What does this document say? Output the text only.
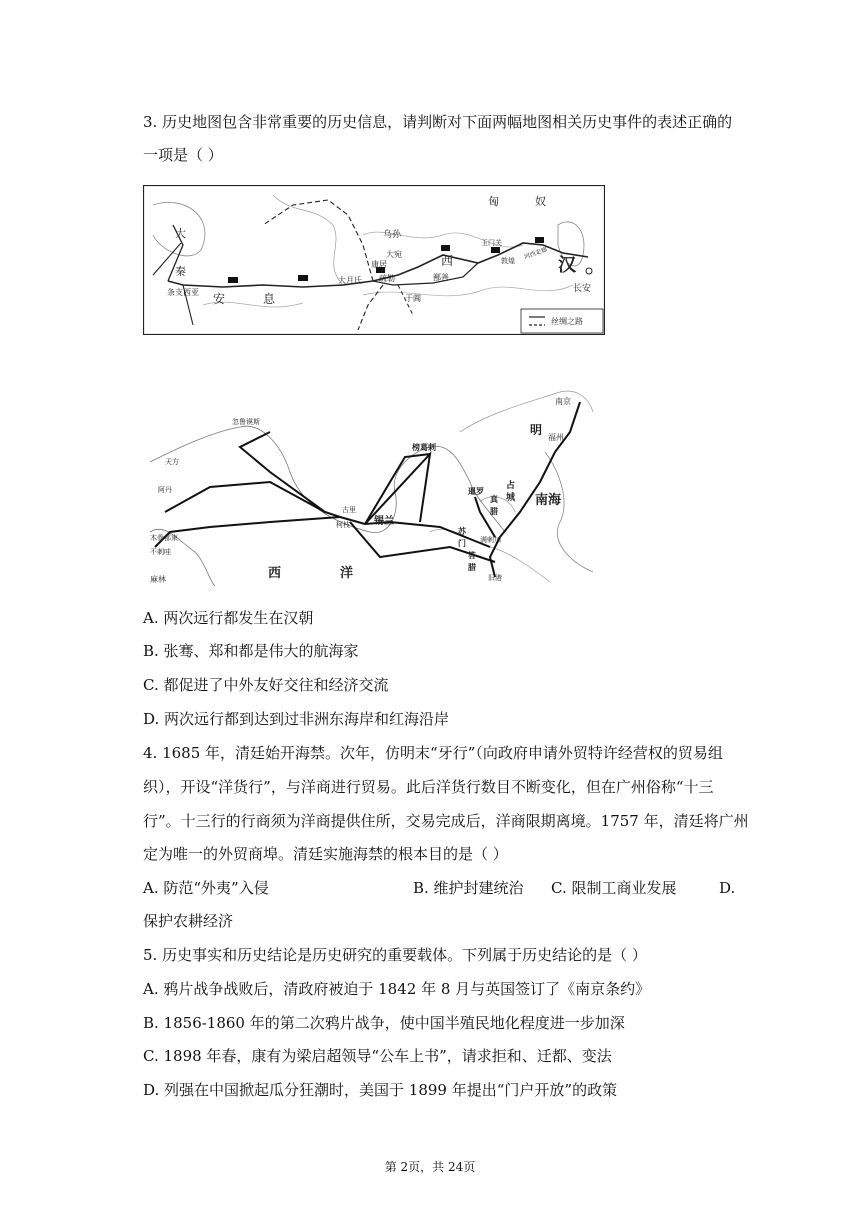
3. 历史地图包含非常重要的历史信息，请判断对下面两幅地图相关历史事件的表述正确的
一项是（ ）
匈	奴
汉
长安
玉门关
敦煌
河西走廊
西
鄯善
于阗
乌孙
大宛
康居
疏勒
大月氏
安	息
大
秦
条支西亚
丝绸之路
明
南京
福州
南海
占
城
暹罗
真
腊
满剌加
苏
门
答
腊
旧港
锡兰
古里
柯枝
榜葛剌
忽鲁谟斯
天方
阿丹
木骨都束
不刺哇
麻林	西	洋
A. 两次远行都发生在汉朝
B. 张骞、郑和都是伟大的航海家
C. 都促进了中外友好交往和经济交流
D. 两次远行都到达到过非洲东海岸和红海沿岸
4. 1685 年，清廷始开海禁。次年，仿明末“牙行”（向政府申请外贸特许经营权的贸易组
织），开设“洋货行”，与洋商进行贸易。此后洋货行数目不断变化，但在广州俗称“十三
行”。十三行的行商须为洋商提供住所，交易完成后，洋商限期离境。1757 年，清廷将广州
定为唯一的外贸商埠。清廷实施海禁的根本目的是（ ）
A. 防范“外夷”入侵	B. 维护封建统治 C. 限制工商业发展	D.
保护农耕经济
5. 历史事实和历史结论是历史研究的重要载体。下列属于历史结论的是（ ）
A. 鸦片战争战败后，清政府被迫于 1842 年 8 月与英国签订了《南京条约》
B. 1856-1860 年的第二次鸦片战争，使中国半殖民地化程度进一步加深
C. 1898 年春，康有为梁启超领导“公车上书”，请求拒和、迁都、变法
D. 列强在中国掀起瓜分狂潮时，美国于 1899 年提出“门户开放”的政策
第 2页，共 24页
